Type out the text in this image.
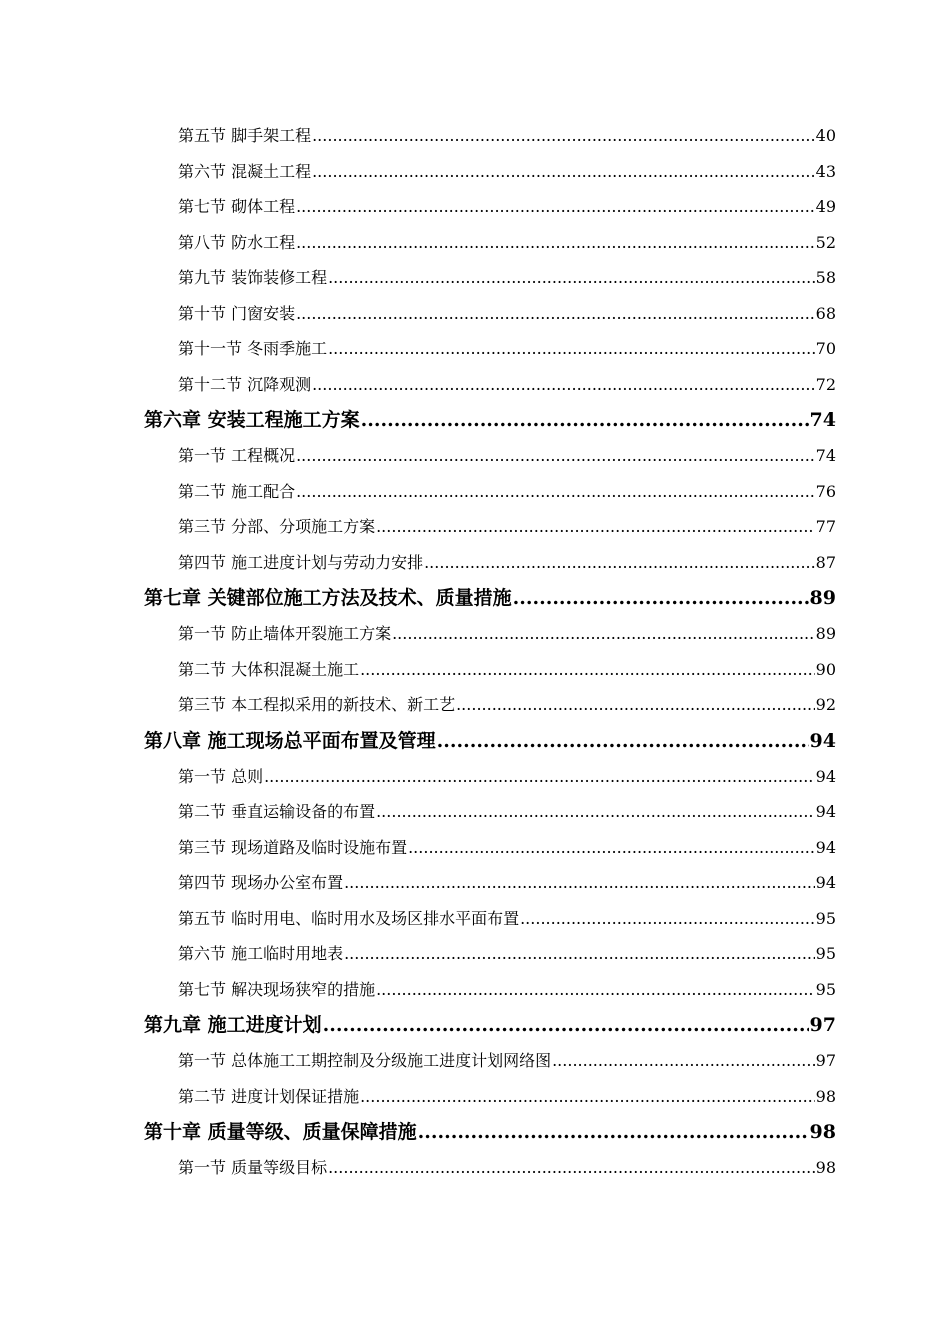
第五节 脚手架工程 .....	40
第六节 混凝土工程 .....	43
第七节 砌体工程 .....	49
第八节 防水工程 .....	52
第九节 装饰装修工程 .....	58
第十节 门窗安装 .....	68
第十一节 冬雨季施工 .....	70
第十二节 沉降观测 .....	72
第六章 安装工程施工方案 .....	74
第一节 工程概况 .....	74
第二节 施工配合 .....	76
第三节 分部、分项施工方案 .....	77
第四节 施工进度计划与劳动力安排 .....	87
第七章 关键部位施工方法及技术、质量措施 .....	89
第一节 防止墙体开裂施工方案 .....	89
第二节 大体积混凝土施工 .....	90
第三节 本工程拟采用的新技术、新工艺 .....	92
第八章 施工现场总平面布置及管理 .....	94
第一节 总则 .....	94
第二节 垂直运输设备的布置 .....	94
第三节 现场道路及临时设施布置 .....	94
第四节 现场办公室布置 .....	94
第五节 临时用电、临时用水及场区排水平面布置 .....	95
第六节 施工临时用地表 .....	95
第七节 解决现场狭窄的措施 .....	95
第九章 施工进度计划 .....	97
第一节 总体施工工期控制及分级施工进度计划网络图 .....	97
第二节 进度计划保证措施 .....	98
第十章 质量等级、质量保障措施 .....	98
第一节 质量等级目标 .....	98
